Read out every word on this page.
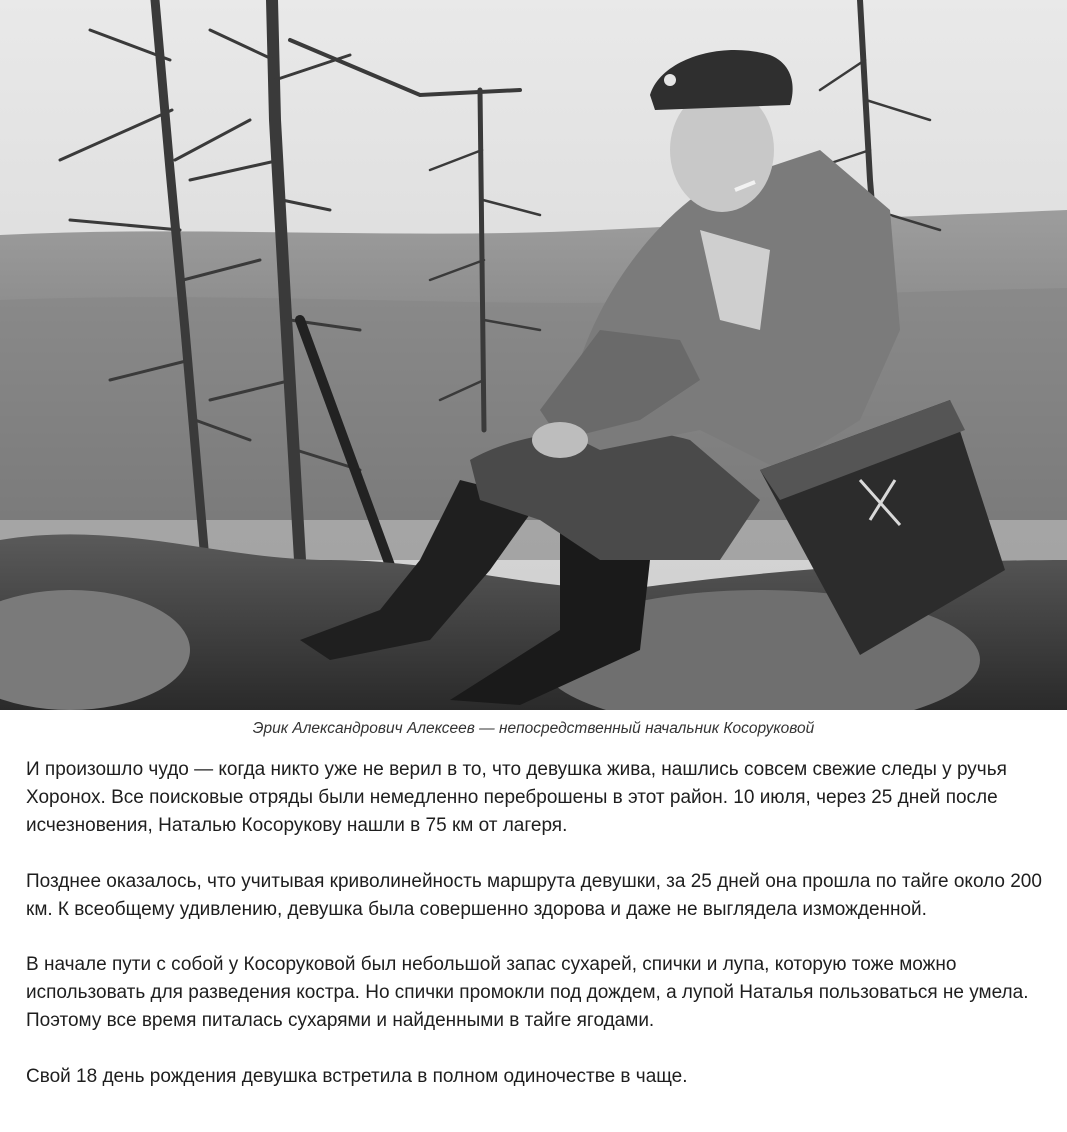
Эрик Александрович Алексеев — непосредственный начальник Косоруковой

И произошло чудо — когда никто уже не верил в то, что девушка жива, нашлись совсем свежие следы у ручья Хоронох. Все поисковые отряды были немедленно переброшены в этот район. 10 июля, через 25 дней после исчезновения, Наталью Косорукову нашли в 75 км от лагеря.

Позднее оказалось, что учитывая криволинейность маршрута девушки, за 25 дней она прошла по тайге около 200 км. К всеобщему удивлению, девушка была совершенно здорова и даже не выглядела изможденной.

В начале пути с собой у Косоруковой был небольшой запас сухарей, спички и лупа, которую тоже можно использовать для разведения костра. Но спички промокли под дождем, а лупой Наталья пользоваться не умела. Поэтому все время питалась сухарями и найденными в тайге ягодами.

Свой 18 день рождения девушка встретила в полном одиночестве в чаще.
